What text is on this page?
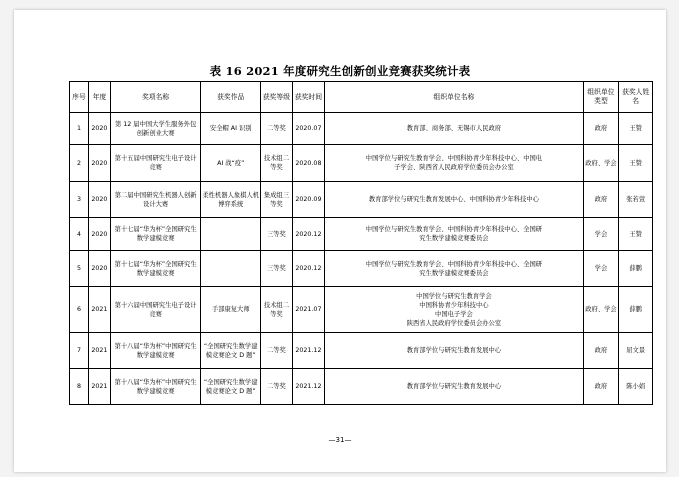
表 16 2021 年度研究生创新创业竞赛获奖统计表
序号	年度	奖项名称	获奖作品	获奖等级	获奖时间	组织单位名称	组织单位类型	获奖人姓名
1	2020	第 12 届中国大学生服务外包创新创业大赛	安全帽 AI 识别	二等奖	2020.07	教育部、商务部、无锡市人民政府	政府	王赞
2	2020	第十五届中国研究生电子设计竞赛	AI 战“疫”	技术组二等奖	2020.08	中国学位与研究生教育学会、中国科协青少年科技中心、中国电
子学会、陕西省人民政府学位委员会办公室	政府、学会	王赞
3	2020	第二届中国研究生机器人创新设计大赛	柔性机器人象棋人机博弈系统	集成组三等奖	2020.09	教育部学位与研究生教育发展中心、中国科协青少年科技中心	政府	张若萱
4	2020	第十七届“华为杯”全国研究生数学建模竞赛		三等奖	2020.12	中国学位与研究生教育学会、中国科协青少年科技中心、全国研
究生数学建模竞赛委员会	学会	王赞
5	2020	第十七届“华为杯”全国研究生数学建模竞赛		三等奖	2020.12	中国学位与研究生教育学会、中国科协青少年科技中心、全国研
究生数学建模竞赛委员会	学会	薛鹏
6	2021	第十六届中国研究生电子设计竞赛	手部康复大师	技术组二等奖	2021.07	中国学位与研究生教育学会
中国科协青少年科技中心
中国电子学会
陕西省人民政府学位委员会办公室	政府、学会	薛鹏
7	2021	第十八届“华为杯”中国研究生数学建模竞赛	“全国研究生数学建模竞赛论文 D 题”	二等奖	2021.12	教育部学位与研究生教育发展中心	政府	屈文景
8	2021	第十八届“华为杯”中国研究生数学建模竞赛	“全国研究生数学建模竞赛论文 D 题”	二等奖	2021.12	教育部学位与研究生教育发展中心	政府	陈小娟
—31—
